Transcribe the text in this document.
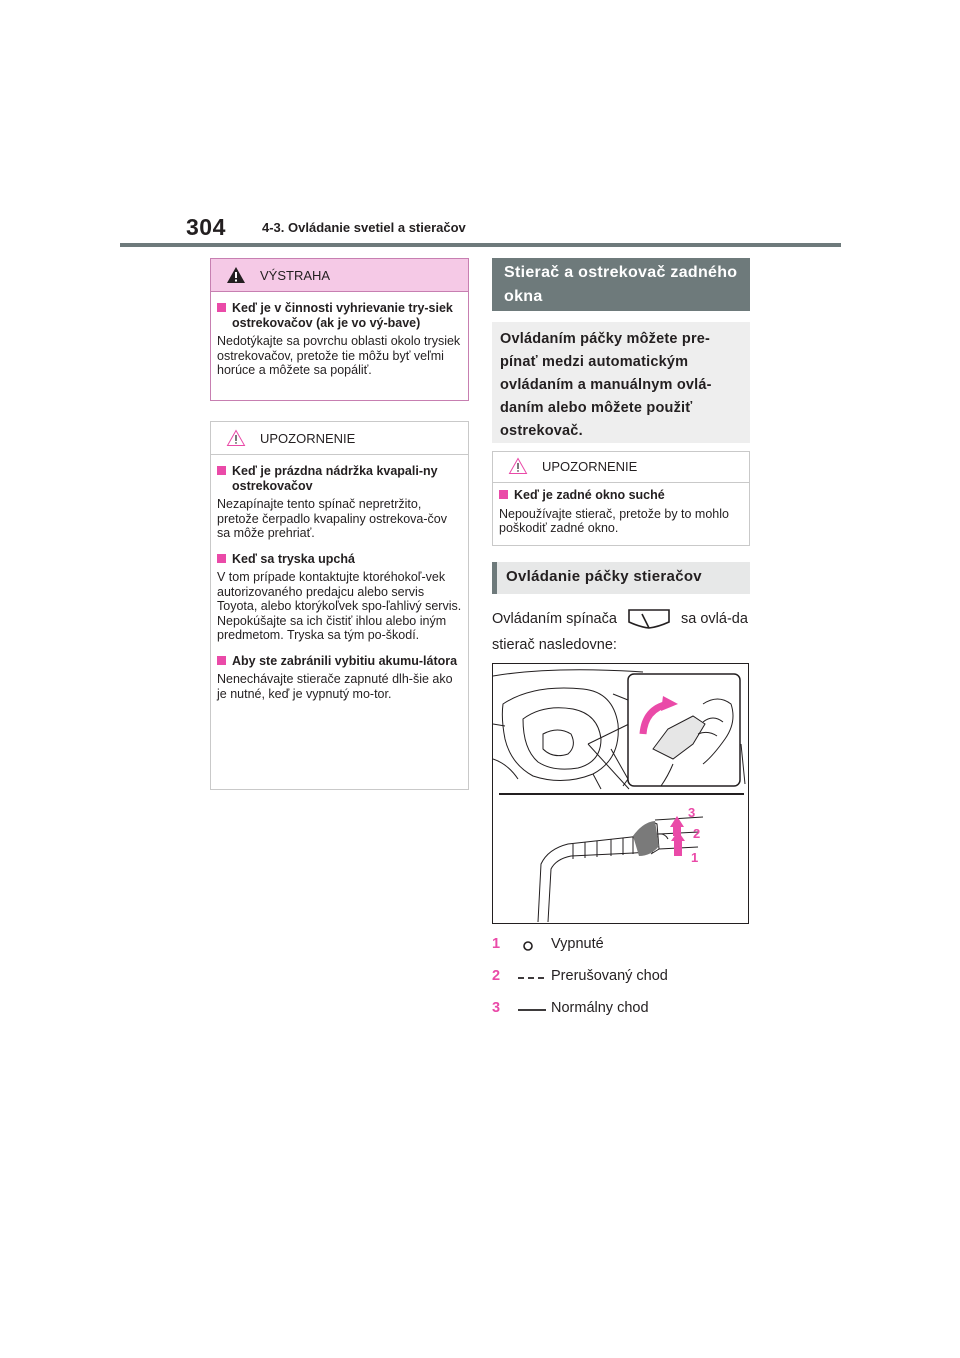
304	4-3. Ovládanie svetiel a stieračov
VÝSTRAHA
Keď je v činnosti vyhrievanie try-siek ostrekovačov (ak je vo vý-bave)
Nedotýkajte sa povrchu oblasti okolo trysiek ostrekovačov, pretože tie môžu byť veľmi horúce a môžete sa popáliť.
UPOZORNENIE
Keď je prázdna nádržka kvapali-ny ostrekovačov
Nezapínajte tento spínač nepretržito, pretože čerpadlo kvapaliny ostrekova-čov sa môže prehriať.
Keď sa tryska upchá
V tom prípade kontaktujte ktoréhokoľ-vek autorizovaného predajcu alebo servis Toyota, alebo ktorýkoľvek spo-ľahlivý servis.
Nepokúšajte sa ich čistiť ihlou alebo iným predmetom. Tryska sa tým po-škodí.
Aby ste zabránili vybitiu akumu-látora
Nenechávajte stierače zapnuté dlh-šie ako je nutné, keď je vypnutý mo-tor.
Stierač a ostrekovač zadného okna
Ovládaním páčky môžete pre-pínať medzi automatickým ovládaním a manuálnym ovlá-daním alebo môžete použiť ostrekovač.
UPOZORNENIE
Keď je zadné okno suché
Nepoužívajte stierač, pretože by to mohlo poškodiť zadné okno.
Ovládanie páčky stieračov
Ovládaním spínača	sa ovlá-da stierač nasledovne:
3
2
1
1	Vypnuté
2	Prerušovaný chod
3	Normálny chod
